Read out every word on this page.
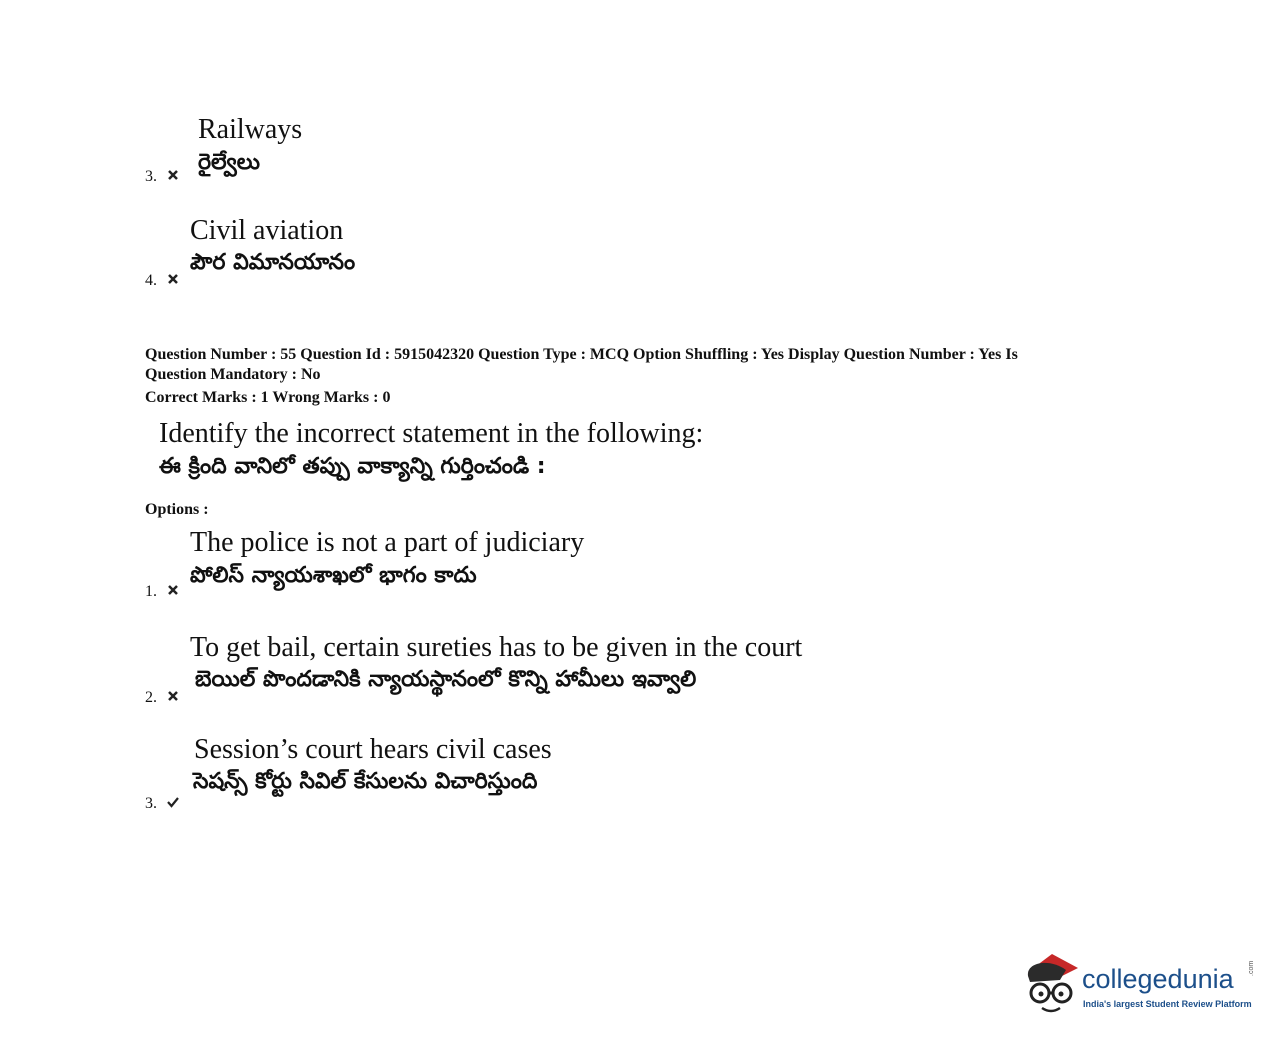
Railways
రైల్వేలు
3.
Civil aviation
పౌర విమానయానం
4.
Question Number : 55 Question Id : 5915042320 Question Type : MCQ Option Shuffling : Yes Display Question Number : Yes Is
Question Mandatory : No
Correct Marks : 1 Wrong Marks : 0
Identify the incorrect statement in the following:
ఈ క్రింది వానిలో తప్పు వాక్యాన్ని గుర్తించండి :
Options :
The police is not a part of judiciary
పోలిస్ న్యాయశాఖలో భాగం కాదు
1.
To get bail, certain sureties has to be given in the court
బెయిల్ పొందడానికి న్యాయస్థానంలో కొన్ని హామీలు ఇవ్వాలి
2.
Session’s court hears civil cases
సెషన్స్ కోర్టు సివిల్ కేసులను విచారిస్తుంది
3.
collegedunia .com
India's largest Student Review Platform
